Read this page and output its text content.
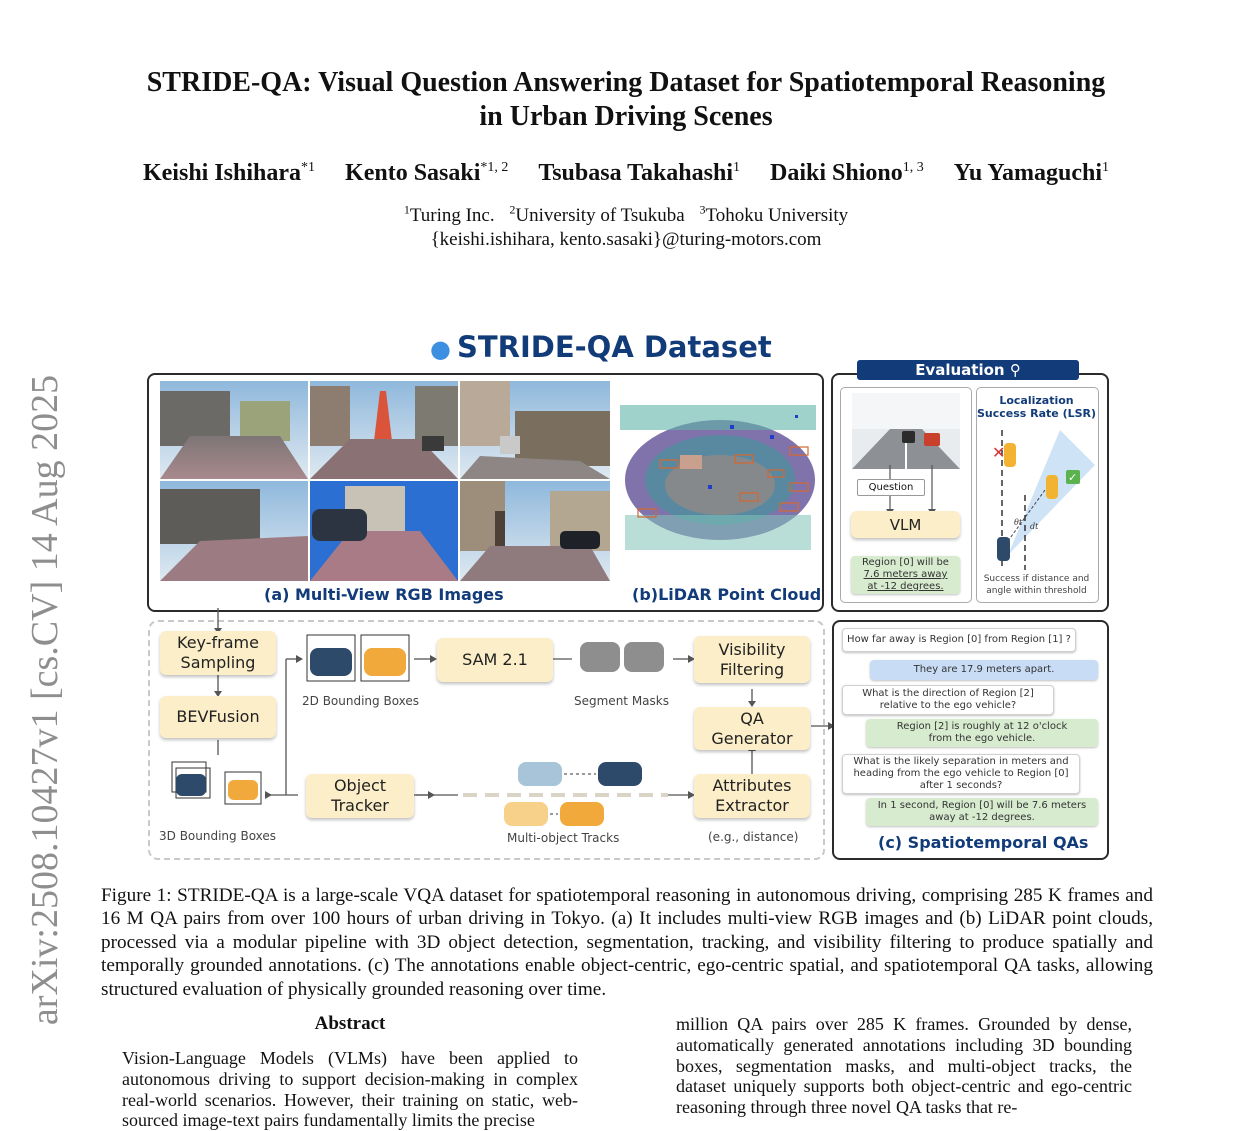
STRIDE-QA: Visual Question Answering Dataset for Spatiotemporal Reasoning
in Urban Driving Scenes
Keishi Ishihara$^{*1}$ Kento Sasaki$^{*1, 2}$ Tsubasa Takahashi$^1$ Daiki Shiono$^{1, 3}$ Yu Yamaguchi$^1$
$^1$Turing Inc. $^2$University of Tsukuba $^3$Tohoku University
{keishi.ishihara, kento.sasaki}@turing-motors.com
arXiv:2508.10427v1 [cs.CV] 14 Aug 2025
● STRIDE-QA Dataset
(a) Multi-View RGB Images	(b)LiDAR Point Cloud
Evaluation ⚲
Question
VLM
Region [0] will be
7.6 meters away
at -12 degrees.
Localization
Success Rate (LSR)
✕
✓
θt dt
Success if distance and
angle within threshold
Key-frame
Sampling
BEVFusion
3D Bounding Boxes
2D Bounding Boxes
SAM 2.1
Segment Masks
Visibility
Filtering
QA
Generator
Object
Tracker
Multi-object Tracks
Attributes
Extractor
(e.g., distance)
How far away is Region [0] from Region [1] ?
They are 17.9 meters apart.
What is the direction of Region [2]
relative to the ego vehicle?
Region [2] is roughly at 12 o'clock
from the ego vehicle.
What is the likely separation in meters and
heading from the ego vehicle to Region [0]
after 1 seconds?
In 1 second, Region [0] will be 7.6 meters
away at -12 degrees.
(c) Spatiotemporal QAs
Figure 1: STRIDE-QA is a large-scale VQA dataset for spatiotemporal reasoning in autonomous driving, comprising 285 K frames and 16 M QA pairs from over 100 hours of urban driving in Tokyo. (a) It includes multi-view RGB images and (b) LiDAR point clouds, processed via a modular pipeline with 3D object detection, segmentation, tracking, and visibility filtering to produce spatially and temporally grounded annotations. (c) The annotations enable object-centric, ego-centric spatial, and spatiotemporal QA tasks, allowing structured evaluation of physically grounded reasoning over time.
Abstract
Vision-Language Models (VLMs) have been applied to autonomous driving to support decision-making in complex real-world scenarios. However, their training on static, web-sourced image-text pairs fundamentally limits the precise
million QA pairs over 285 K frames. Grounded by dense, automatically generated annotations including 3D bounding boxes, segmentation masks, and multi-object tracks, the dataset uniquely supports both object-centric and ego-centric reasoning through three novel QA tasks that re-
